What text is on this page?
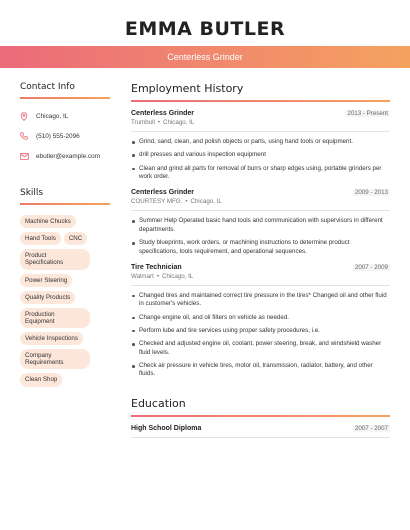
EMMA BUTLER
Centerless Grinder
Contact Info
Chicago, IL
(510) 555-2096
ebutler@example.com
Skills
Machine Chucks
Hand Tools	CNC
Product Specifications
Power Steering
Quality Products
Production Equipment
Vehicle Inspections
Company Requirements
Clean Shop
Employment History
Centerless Grinder	2013 - Present
Trumbull • Chicago, IL
Grind, sand, clean, and polish objects or parts, using hand tools or equipment.
drill presses and various inspection equipment
Clean and grind all parts for removal of burrs or sharp edges using, portable grinders per work order.
Centerless Grinder	2009 - 2013
COURTESY MFG. • Chicago, IL
Summer Help Operated basic hand tools and communication with supervisors in different departments.
Study blueprints, work orders, or machining instructions to determine product specifications, tools requirement, and operational sequences.
Tire Technician	2007 - 2009
Walmart • Chicago, IL
Changed tires and maintained correct tire pressure in the tires* Changed oil and other fluid in customer's vehicles.
Change engine oil, and oil filters on vehicle as needed.
Perform lube and tire services using proper safety procedures, i.e.
Checked and adjusted engine oil, coolant, power steering, break, and windshield washer fluid levels.
Check air pressure in vehicle tires, motor oil, transmission, radiator, battery, and other fluids.
Education
High School Diploma	2007 - 2007
